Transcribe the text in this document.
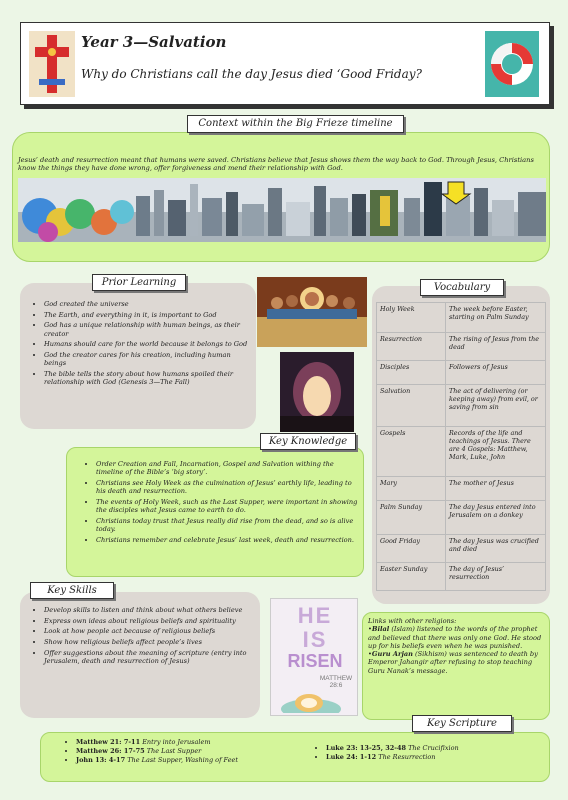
Year 3—Salvation
Why do Christians call the day Jesus died ‘Good Friday?
Jesus’ death and resurrection meant that humans were saved. Christians believe that Jesus shows them the way back to God. Through Jesus, Christians know the things they have done wrong, offer forgiveness and mend their relationship with God.
Context within the Big Frieze timeline
Prior Learning
• God created the universe
• The Earth, and everything in it, is important to God
• God has a unique relationship with human beings, as their creator
• Humans should care for the world because it belongs to God
• God the creator cares for his creation, including human beings
• The bible tells the story about how humans spoiled their relationship with God (Genesis 3—The Fall)
Vocabulary
Holy Week	The week before Easter, starting on Palm Sunday
Resurrection	The rising of Jesus from the dead
Disciples	Followers of Jesus
Salvation	The act of delivering (or keeping away) from evil, or saving from sin
Gospels	Records of the life and teachings of Jesus. There are 4 Gospels: Matthew, Mark, Luke, John
Mary	The mother of Jesus
Palm Sunday	The day Jesus entered into Jerusalem on a donkey
Good Friday	The day Jesus was crucified and died
Easter Sunday	The day of Jesus’ resurrection
Key Knowledge
• Order Creation and Fall, Incarnation, Gospel and Salvation withing the timeline of the Bible’s ‘big story’.
• Christians see Holy Week as the culmination of Jesus’ earthly life, leading to his death and resurrection.
• The events of Holy Week, such as the Last Supper, were important in showing the disciples what Jesus came to earth to do.
• Christians today trust that Jesus really did rise from the dead, and so is alive today.
• Christians remember and celebrate Jesus’ last week, death and resurrection.
Key Skills
• Develop skills to listen and think about what others believe
• Express own ideas about religious beliefs and spirituality
• Look at how people act because of religious beliefs
• Show how religious beliefs affect people’s lives
• Offer suggestions about the meaning of scripture (entry into Jerusalem, death and resurrection of Jesus)
HE
IS
RISEN
MATTHEW 28:6
Links with other religions:
•Bilal (Islam) listened to the words of the prophet and believed that there was only one God. He stood up for his beliefs even when he was punished.
•Guru Arjan (Sikhism) was sentenced to death by Emperor Jahangir after refusing to stop teaching Guru Nanak’s message.
Key Scripture
• Matthew 21: 7-11 Entry into Jerusalem
• Matthew 26: 17-75 The Last Supper
• John 13: 4-17 The Last Supper, Washing of Feet
• Luke 23: 13-25, 32-48 The Crucifixion
• Luke 24: 1-12 The Resurrection
